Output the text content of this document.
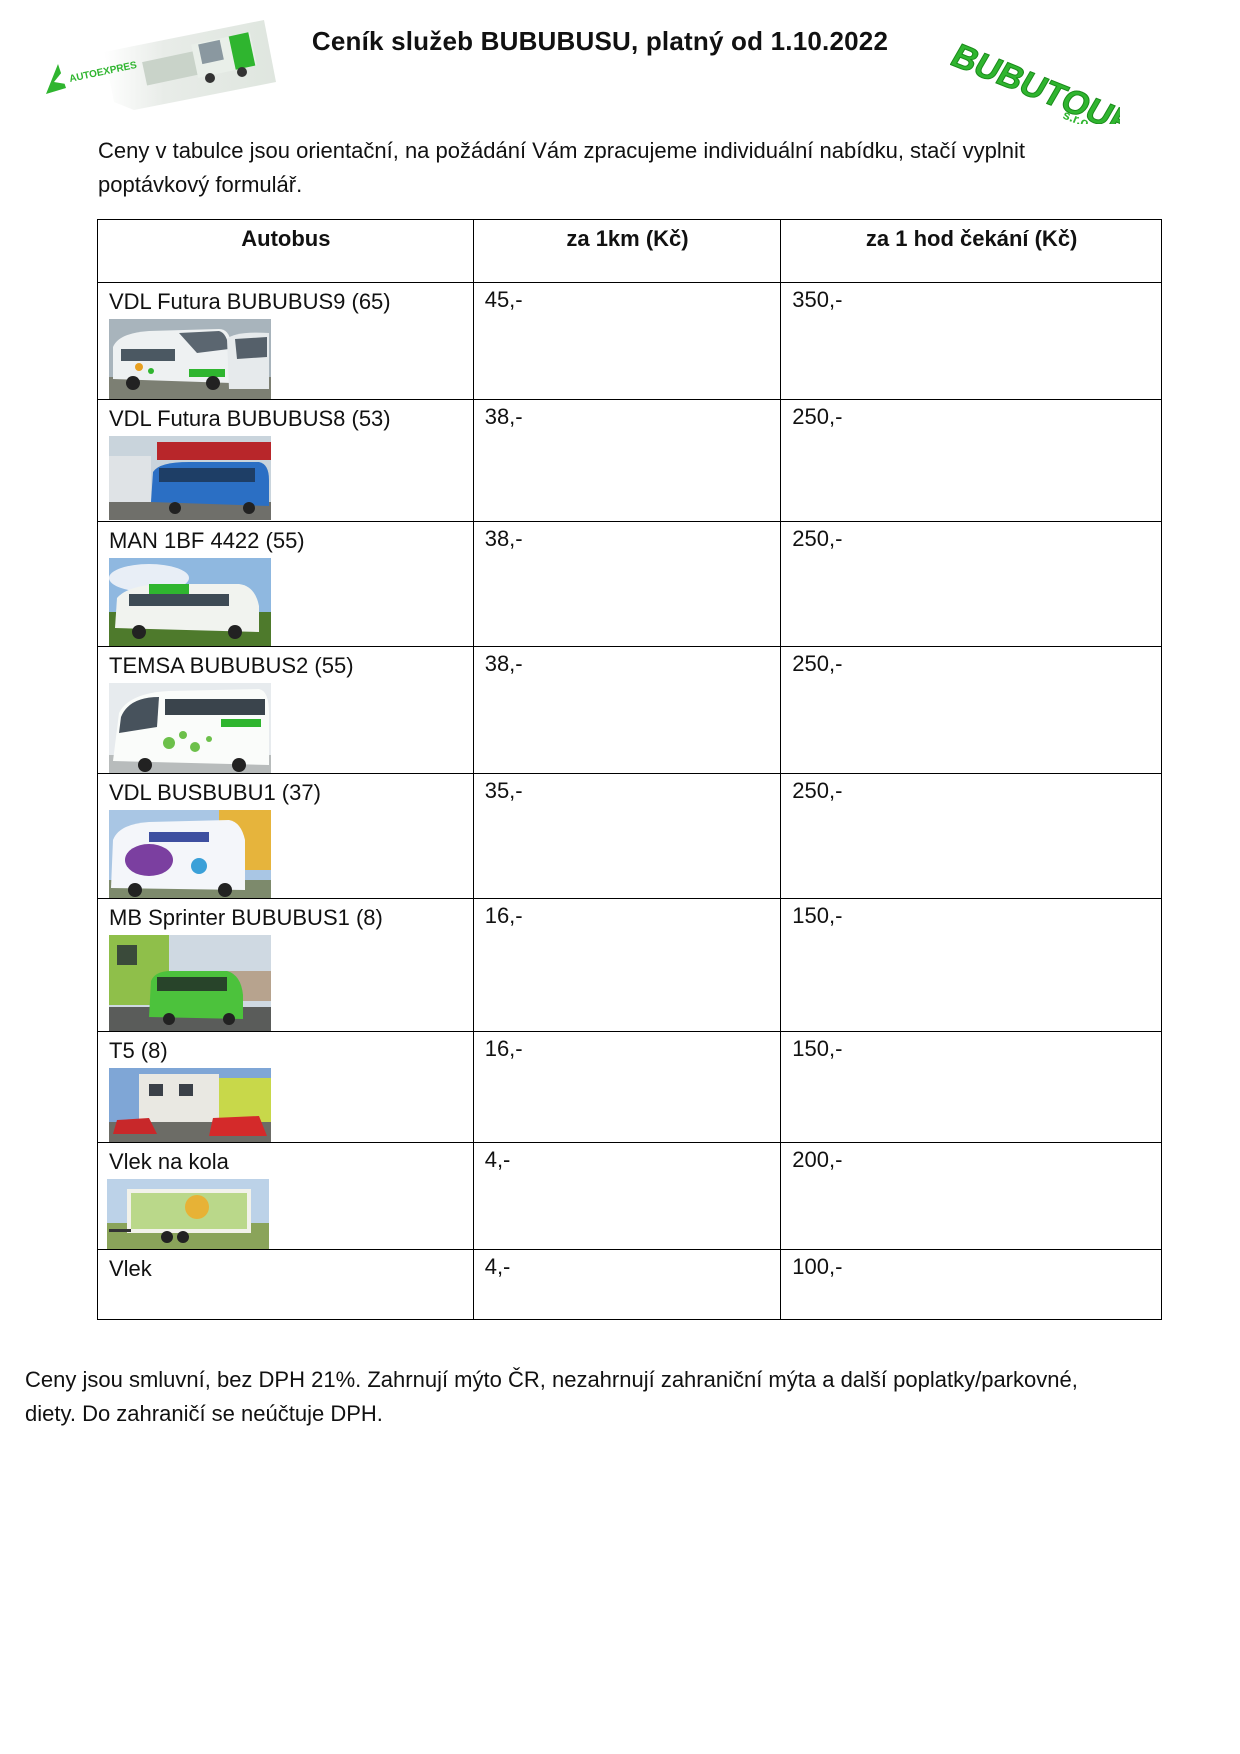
AUTOEXPRES
Ceník služeb BUBUBUSU, platný od 1.10.2022	BUBUTOUR
s.r.o.
Ceny v tabulce jsou orientační, na požádání Vám zpracujeme individuální nabídku, stačí vyplnit
poptávkový formulář.
Autobus	za 1km (Kč)	za 1 hod čekání (Kč)

VDL Futura BUBUBUS9 (65)	45,-	350,-

VDL Futura BUBUBUS8 (53)	38,-	250,-

MAN 1BF 4422 (55)	38,-	250,-

TEMSA BUBUBUS2 (55)	38,-	250,-

VDL BUSBUBU1 (37)	35,-	250,-

MB Sprinter BUBUBUS1 (8)	16,-	150,-

T5 (8)	16,-	150,-

Vlek na kola	4,-	200,-

Vlek	4,-	100,-
Ceny jsou smluvní, bez DPH 21%. Zahrnují mýto ČR, nezahrnují zahraniční mýta a další poplatky/parkovné,
diety. Do zahraničí se neúčtuje DPH.
